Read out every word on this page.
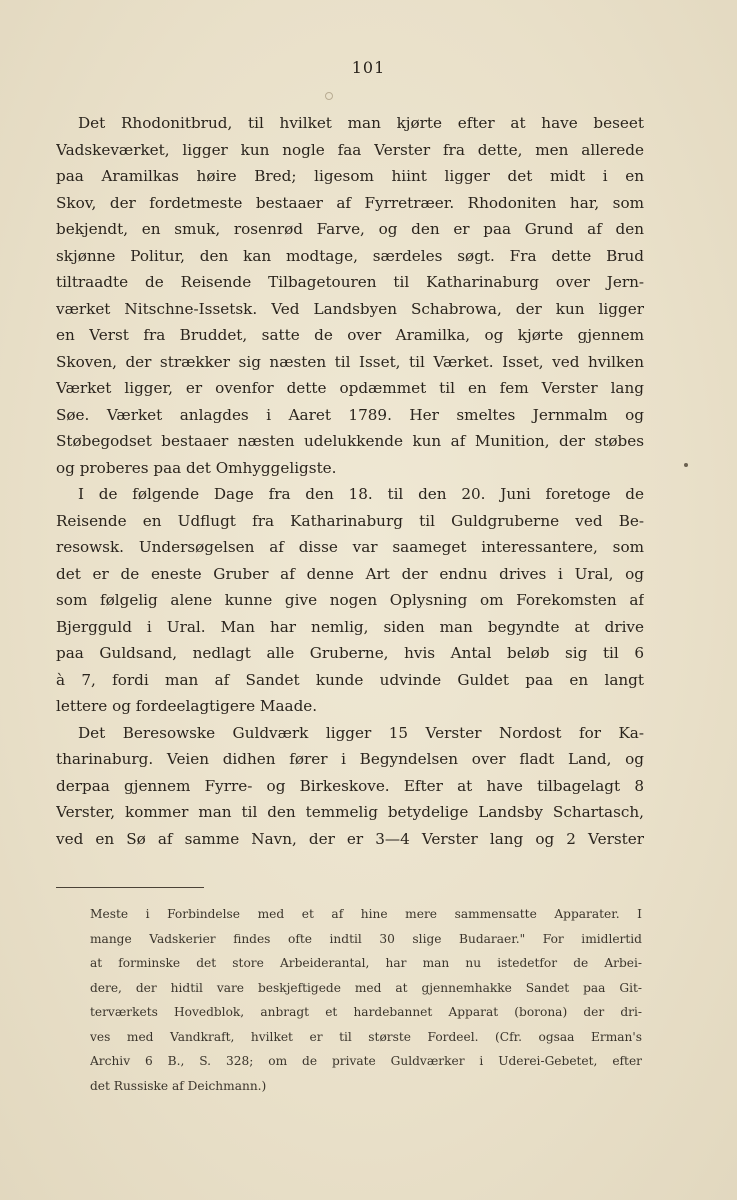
101
Det Rhodonitbrud, til hvilket man kjørte efter at have beseet
Vadskeværket, ligger kun nogle faa Verster fra dette, men allerede
paa Aramilkas høire Bred; ligesom hiint ligger det midt i en
Skov, der fordetmeste bestaaer af Fyrretræer. Rhodoniten har, som
bekjendt, en smuk, rosenrød Farve, og den er paa Grund af den
skjønne Politur, den kan modtage, særdeles søgt. Fra dette Brud
tiltraadte de Reisende Tilbagetouren til Katharinaburg over Jern-
værket Nitschne-Issetsk. Ved Landsbyen Schabrowa, der kun ligger
en Verst fra Bruddet, satte de over Aramilka, og kjørte gjennem
Skoven, der strækker sig næsten til Isset, til Værket. Isset, ved hvilken
Værket ligger, er ovenfor dette opdæmmet til en fem Verster lang
Søe. Værket anlagdes i Aaret 1789. Her smeltes Jernmalm og
Støbegodset bestaaer næsten udelukkende kun af Munition, der støbes
og proberes paa det Omhyggeligste.
I de følgende Dage fra den 18. til den 20. Juni foretoge de
Reisende en Udflugt fra Katharinaburg til Guldgruberne ved Be-
resowsk. Undersøgelsen af disse var saameget interessantere, som
det er de eneste Gruber af denne Art der endnu drives i Ural, og
som følgelig alene kunne give nogen Oplysning om Forekomsten af
Bjergguld i Ural. Man har nemlig, siden man begyndte at drive
paa Guldsand, nedlagt alle Gruberne, hvis Antal beløb sig til 6
à 7, fordi man af Sandet kunde udvinde Guldet paa en langt
lettere og fordeelagtigere Maade.
Det Beresowske Guldværk ligger 15 Verster Nordost for Ka-
tharinaburg. Veien didhen fører i Begyndelsen over fladt Land, og
derpaa gjennem Fyrre- og Birkeskove. Efter at have tilbagelagt 8
Verster, kommer man til den temmelig betydelige Landsby Schartasch,
ved en Sø af samme Navn, der er 3—4 Verster lang og 2 Verster
Meste i Forbindelse med et af hine mere sammensatte Apparater. I
mange Vadskerier findes ofte indtil 30 slige Budaraer." For imidlertid
at forminske det store Arbeiderantal, har man nu istedetfor de Arbei-
dere, der hidtil vare beskjeftigede med at gjennemhakke Sandet paa Git-
terværkets Hovedblok, anbragt et hardebannet Apparat (borona) der dri-
ves med Vandkraft, hvilket er til største Fordeel. (Cfr. ogsaa Erman's
Archiv 6 B., S. 328; om de private Guldværker i Uderei-Gebetet, efter
det Russiske af Deichmann.)
